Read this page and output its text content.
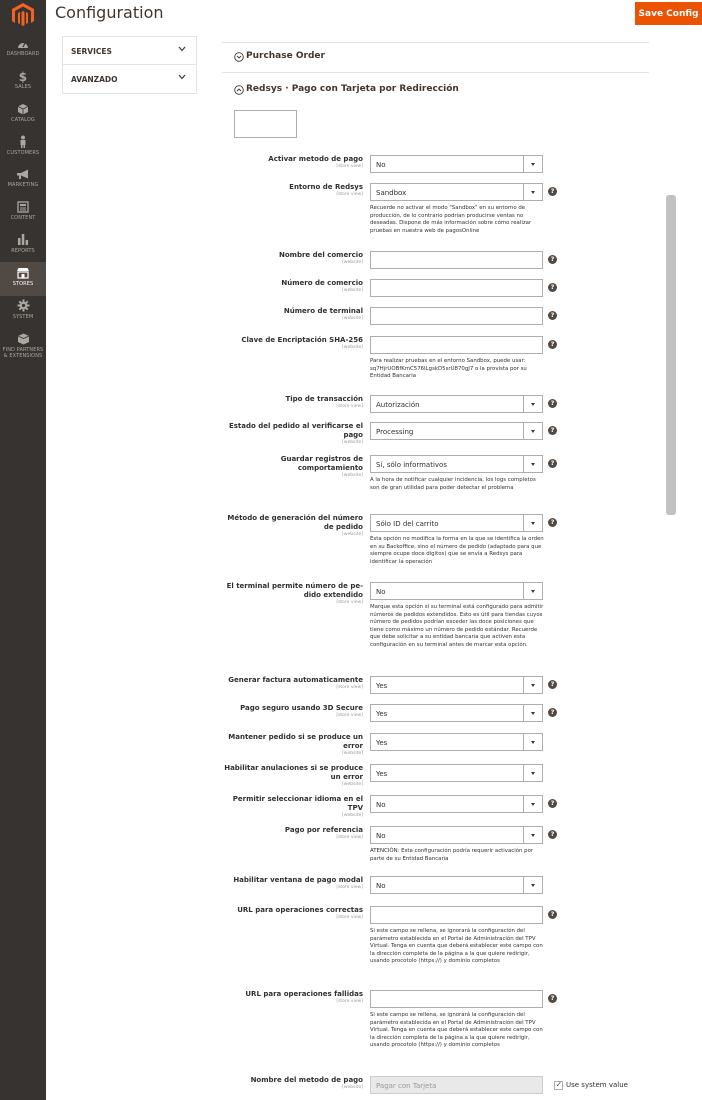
DASHBOARD
$
SALES
CATALOG
CUSTOMERS
MARKETING
CONTENT
REPORTS
STORES
SYSTEM
FIND PARTNERS & EXTENSIONS
Configuration	Save Config
SERVICES
AVANZADO
Purchase Order
Redsys · Pago con Tarjeta por Redirección
Activar metodo de pago
[store view]	No
Entorno de Redsys
[store view]	Sandbox	?
Recuerde no activar el modo "Sandbox" en su entorno de producción, de lo contrario podrían producirse ventas no deseadas. Dispone de más información sobre cómo realizar pruebas en nuestra web de pagosOnline
Nombre del comercio
[website]	?
Número de comercio
[website]	?
Número de terminal
[website]	?
Clave de Encriptación SHA-256
[website]	?
Para realizar pruebas en el entorno Sandbox, puede usar: sq7HjrUOBfKmC576ILgskD5srU870gJ7 o la provista por su Entidad Bancaria
Tipo de transacción
[store view]	Autorización	?
Estado del pedido al verificarse el pago
[website]
Processing	?
Guardar registros de comportamiento
[website]
Sí, sólo informativos	?
A la hora de notificar cualquier incidencia, los logs completos son de gran utilidad para poder detectar el problema
Método de generación del número de pedido
[website]
Sólo ID del carrito	?
Esta opción no modifica la forma en la que se identifica la orden en su Backoffice, sino el número de pedido (adaptado para que siempre ocupe doce dígitos) que se envía a Redsys para identificar la operación
El terminal permite número de pe-dido extendido
[store view]
No
Marque esta opción si su terminal está configurado para admitir números de pedidos extendidos. Esto es útil para tiendas cuyos número de pedidos podrían exceder las doce posiciones que tiene como máximo un número de pedido estándar. Recuerde que debe solicitar a su entidad bancaria que activen esta configuración en su terminal antes de marcar esta opción.
Generar factura automaticamente
[store view]	Yes	?
Pago seguro usando 3D Secure
[store view]	Yes	?
Mantener pedido si se produce un error
[website]
Yes
Habilitar anulaciones si se produce un error
[website]
Yes
Permitir seleccionar idioma en el TPV
[website]
No	?
Pago por referencia
[store view]	No	?
ATENCIÓN: Esta configuración podría requerir activación por parte de su Entidad Bancaria
Habilitar ventana de pago modal
[store view]	No
URL para operaciones correctas
[store view]	?
Si este campo se rellena, se ignorará la configuración del parámetro establecida en el Portal de Administración del TPV Virtual. Tenga en cuenta que deberá establecer este campo con la dirección completa de la página a la que quiere redirigir, usando procotolo (https://) y dominio completos
URL para operaciones fallidas
[store view]	?
Si este campo se rellena, se ignorará la configuración del parámetro establecida en el Portal de Administración del TPV Virtual. Tenga en cuenta que deberá establecer este campo con la dirección completa de la página a la que quiere redirigir, usando procotolo (https://) y dominio completos
Nombre del metodo de pago
[website]	Pagar con Tarjeta ✓	Use system value
